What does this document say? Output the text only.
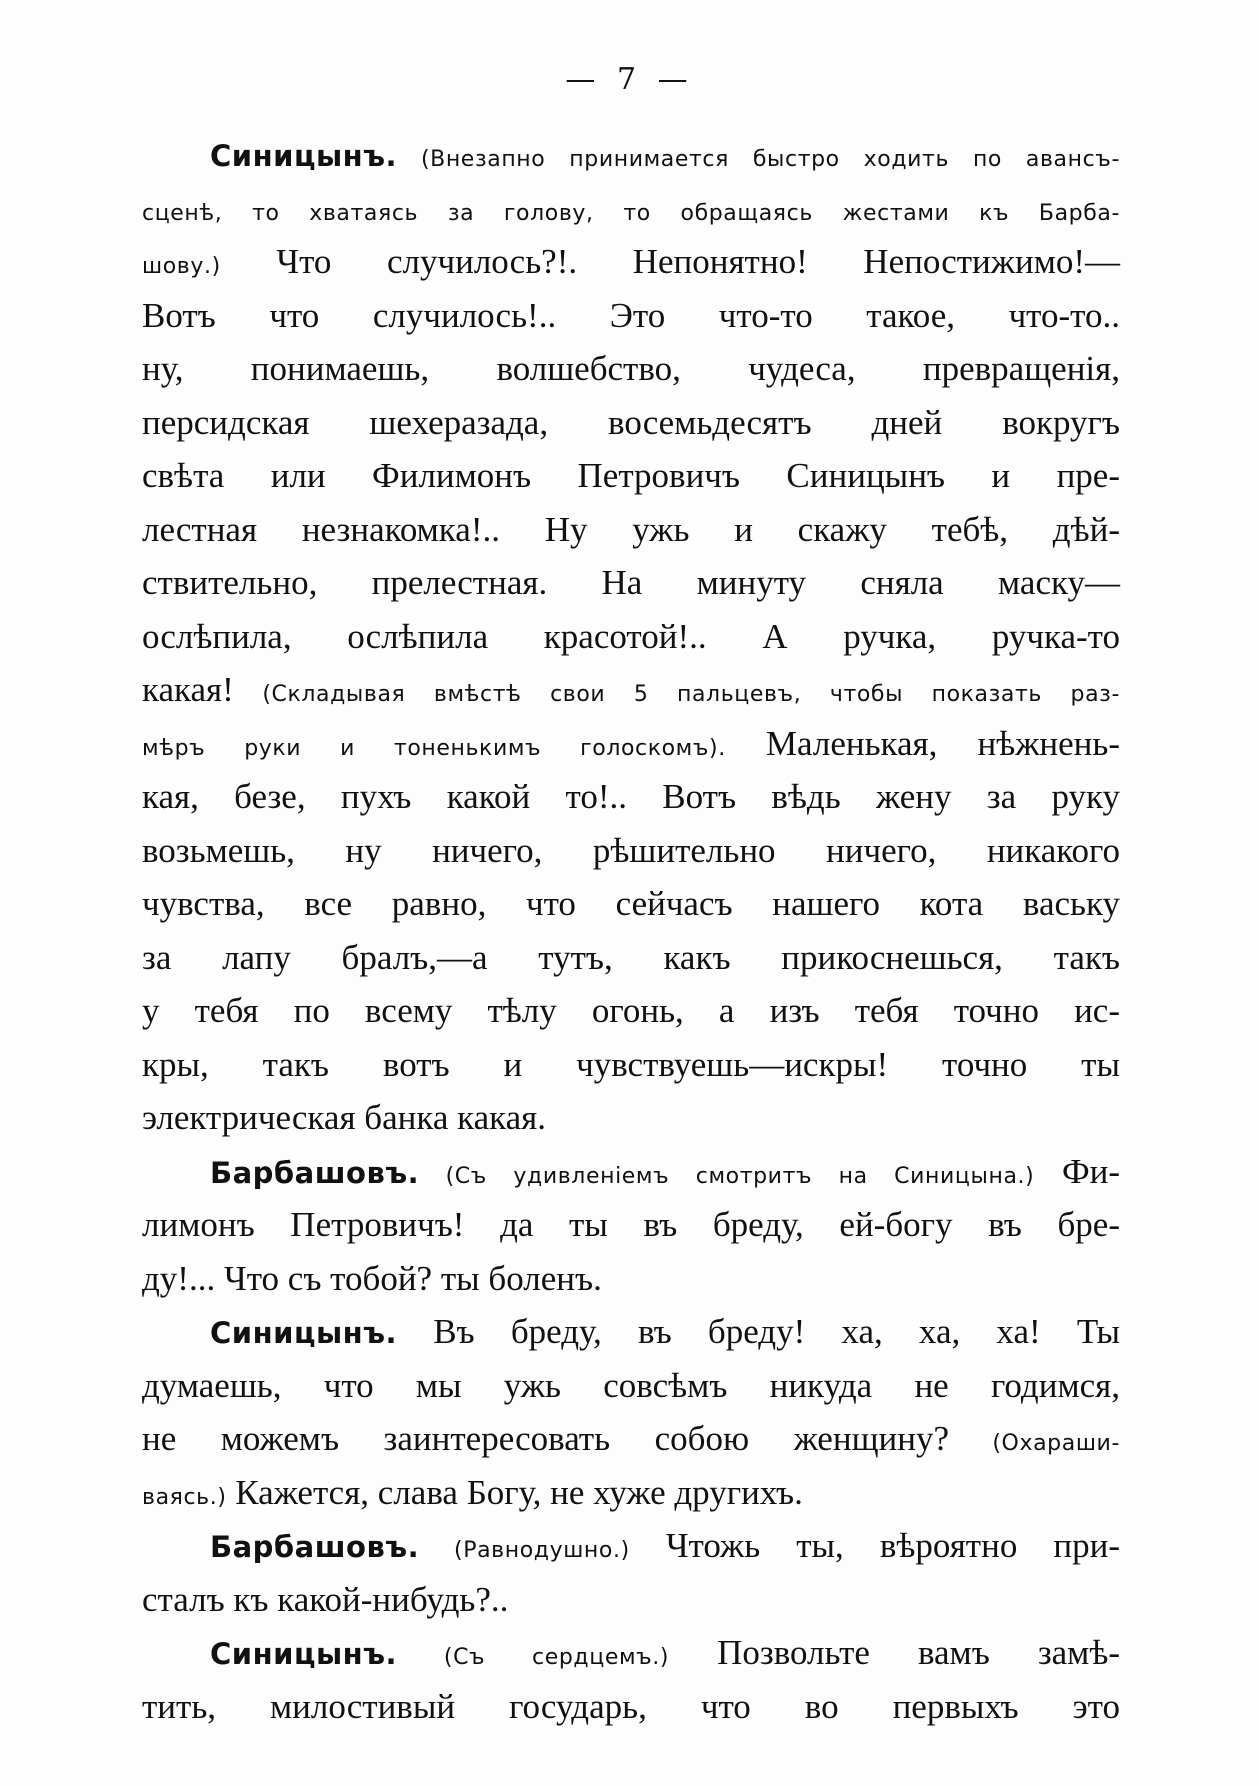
— 7 —
Синицынъ. (Внезапно принимается быстро ходить по авансъ-
сценѣ, то хватаясь за голову, то обращаясь жестами къ Барба-
шову.) Что случилось?!. Непонятно! Непостижимо!—
Вотъ что случилось!.. Это что-то такое, что-то..
ну, понимаешь, волшебство, чудеса, превращенія,
персидская шехеразада, восемьдесятъ дней вокругъ
свѣта или Филимонъ Петровичъ Синицынъ и пре-
лестная незнакомка!.. Ну ужь и скажу тебѣ, дѣй-
ствительно, прелестная. На минуту сняла маску—
ослѣпила, ослѣпила красотой!.. А ручка, ручка-то
какая! (Складывая вмѣстѣ свои 5 пальцевъ, чтобы показать раз-
мѣръ руки и тоненькимъ голоскомъ). Маленькая, нѣжнень-
кая, безе, пухъ какой то!.. Вотъ вѣдь жену за руку
возьмешь, ну ничего, рѣшительно ничего, никакого
чувства, все равно, что сейчасъ нашего кота ваську
за лапу бралъ,—а тутъ, какъ прикоснешься, такъ
у тебя по всему тѣлу огонь, а изъ тебя точно ис-
кры, такъ вотъ и чувствуешь—искры! точно ты
электрическая банка какая.
Барбашовъ. (Съ удивленіемъ смотритъ на Синицына.) Фи-
лимонъ Петровичъ! да ты въ бреду, ей-богу въ бре-
ду!... Что съ тобой? ты боленъ.
Синицынъ. Въ бреду, въ бреду! ха, ха, ха! Ты
думаешь, что мы ужь совсѣмъ никуда не годимся,
не можемъ заинтересовать собою женщину? (Охараши-
ваясь.) Кажется, слава Богу, не хуже другихъ.
Барбашовъ. (Равнодушно.) Чтожь ты, вѣроятно при-
сталъ къ какой-нибудь?..
Синицынъ. (Съ сердцемъ.) Позвольте вамъ замѣ-
тить, милостивый государь, что во первыхъ это
